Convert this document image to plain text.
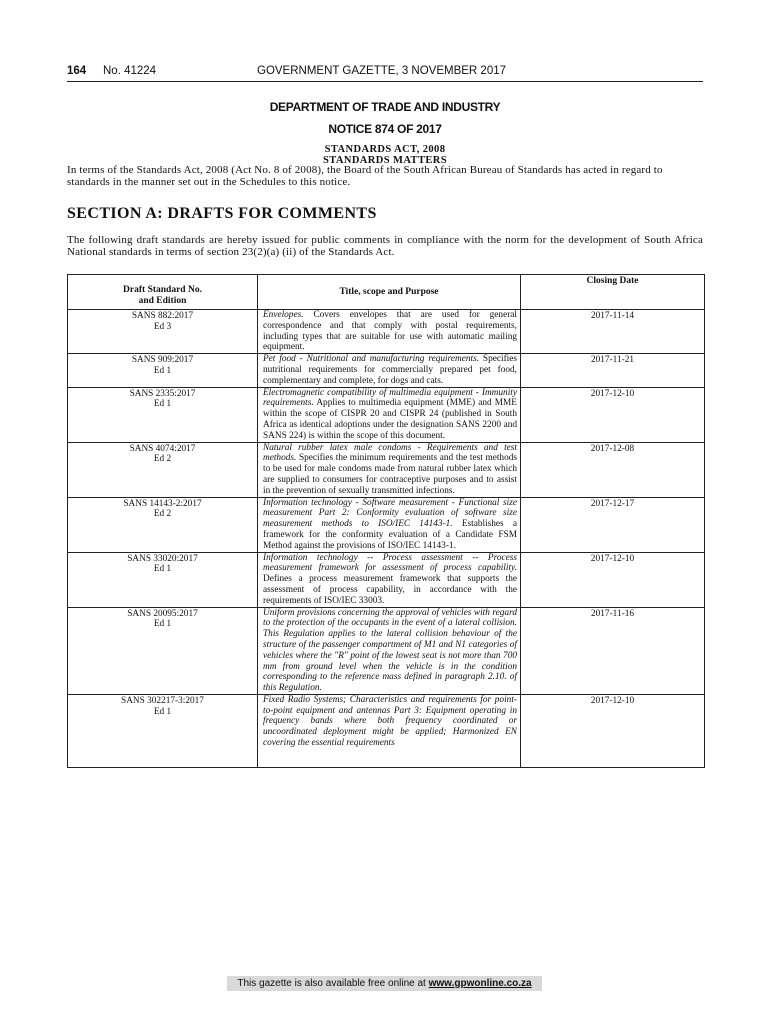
164 No. 41224	GOVERNMENT GAZETTE, 3 NOVEMBER 2017
DEPARTMENT OF TRADE AND INDUSTRY
NOTICE 874 OF 2017
STANDARDS ACT, 2008
STANDARDS MATTERS
In terms of the Standards Act, 2008 (Act No. 8 of 2008), the Board of the South African Bureau of Standards has acted in regard to standards in the manner set out in the Schedules to this notice.
SECTION A: DRAFTS FOR COMMENTS
The following draft standards are hereby issued for public comments in compliance with the norm for the development of South Africa National standards in terms of section 23(2)(a) (ii) of the Standards Act.
Draft Standard No.
and Edition	Title, scope and Purpose	Closing Date

SANS 882:2017
Ed 3	Envelopes. Covers envelopes that are used for general correspondence and that comply with postal requirements, including types that are suitable for use with automatic mailing equipment.	2017-11-14

SANS 909:2017
Ed 1	Pet food - Nutritional and manufacturing requirements. Specifies nutritional requirements for commercially prepared pet food, complementary and complete, for dogs and cats.	2017-11-21

SANS 2335:2017
Ed 1	Electromagnetic compatibility of multimedia equipment - Immunity requirements. Applies to multimedia equipment (MME) and MME within the scope of CISPR 20 and CISPR 24 (published in South Africa as identical adoptions under the designation SANS 2200 and SANS 224) is within the scope of this document.	2017-12-10

SANS 4074:2017
Ed 2	Natural rubber latex male condoms - Requirements and test methods. Specifies the minimum requirements and the test methods to be used for male condoms made from natural rubber latex which are supplied to consumers for contraceptive purposes and to assist in the prevention of sexually transmitted infections.	2017-12-08

SANS 14143-2:2017
Ed 2	Information technology - Software measurement - Functional size measurement Part 2: Conformity evaluation of software size measurement methods to ISO/IEC 14143-1. Establishes a framework for the conformity evaluation of a Candidate FSM Method against the provisions of ISO/IEC 14143-1.	2017-12-17

SANS 33020:2017
Ed 1	Information technology -- Process assessment -- Process measurement framework for assessment of process capability. Defines a process measurement framework that supports the assessment of process capability, in accordance with the requirements of ISO/IEC 33003.	2017-12-10

SANS 20095:2017
Ed 1	Uniform provisions concerning the approval of vehicles with regard to the protection of the occupants in the event of a lateral collision. This Regulation applies to the lateral collision behaviour of the structure of the passenger compartment of M1 and N1 categories of vehicles where the "R" point of the lowest seat is not more than 700 mm from ground level when the vehicle is in the condition corresponding to the reference mass defined in paragraph 2.10. of this Regulation.	2017-11-16

SANS 302217-3:2017
Ed 1	Fixed Radio Systems; Characteristics and requirements for point-to-point equipment and antennas Part 3: Equipment operating in frequency bands where both frequency coordinated or uncoordinated deployment might be applied; Harmonized EN covering the essential requirements	2017-12-10
This gazette is also available free online at www.gpwonline.co.za
